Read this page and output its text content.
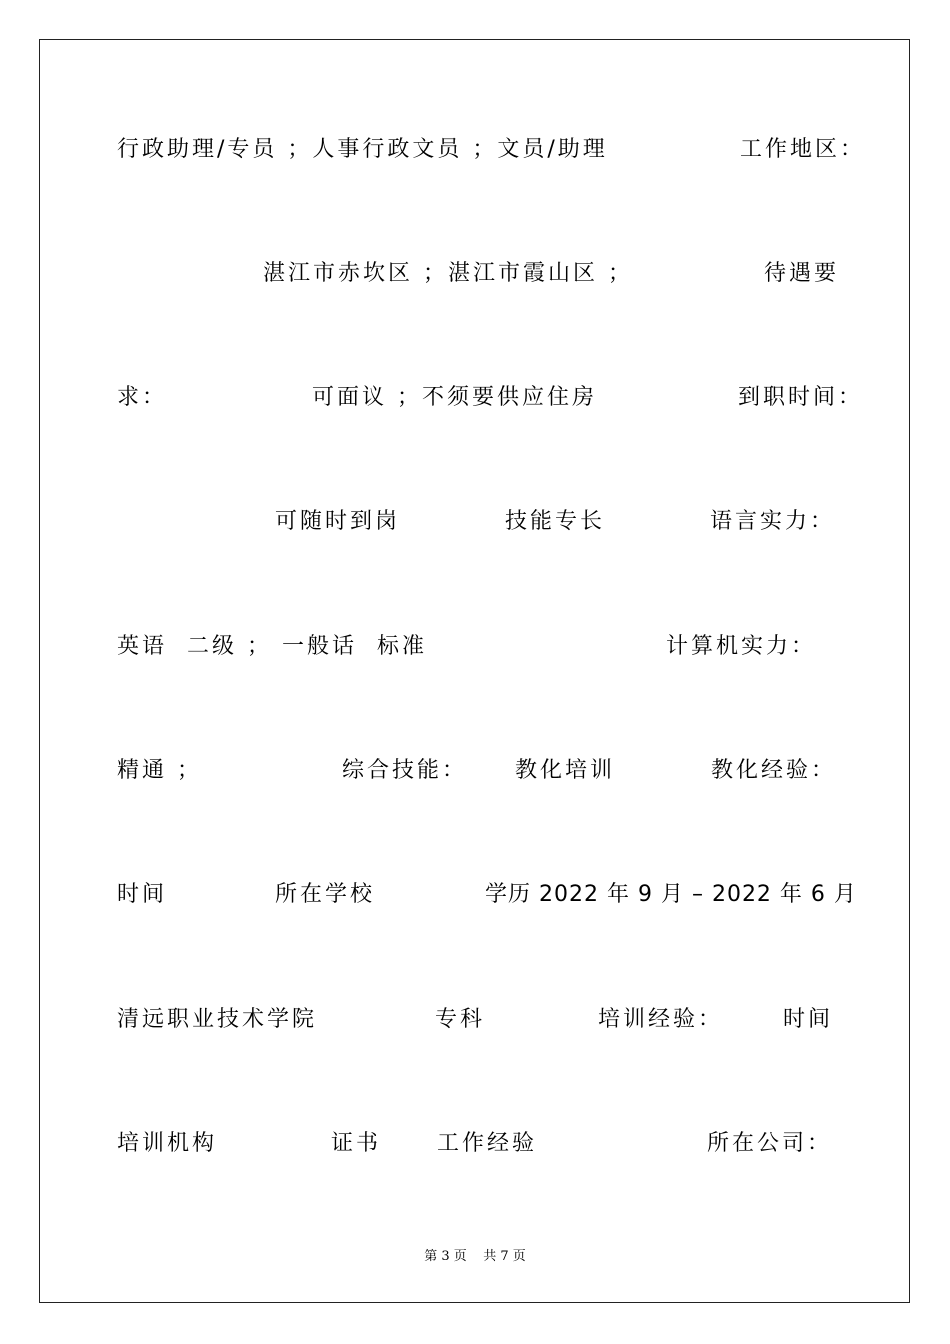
行政助理/专员 ；人事行政文员 ；文员/助理	工作地区：
湛江市赤坎区 ；湛江市霞山区 ；	待遇要
求：	可面议 ；不须要供应住房	到职时间：
可随时到岗	技能专长	语言实力：
英语  二级 ； 一般话  标准	计算机实力：
精通 ；	综合技能： 教化培训	教化经验：
时间	所在学校	学历 2022 年 9 月 – 2022 年 6 月
清远职业技术学院	专科	培训经验：	时间
培训机构	证书	工作经验	所在公司：
第 3 页    共 7 页
